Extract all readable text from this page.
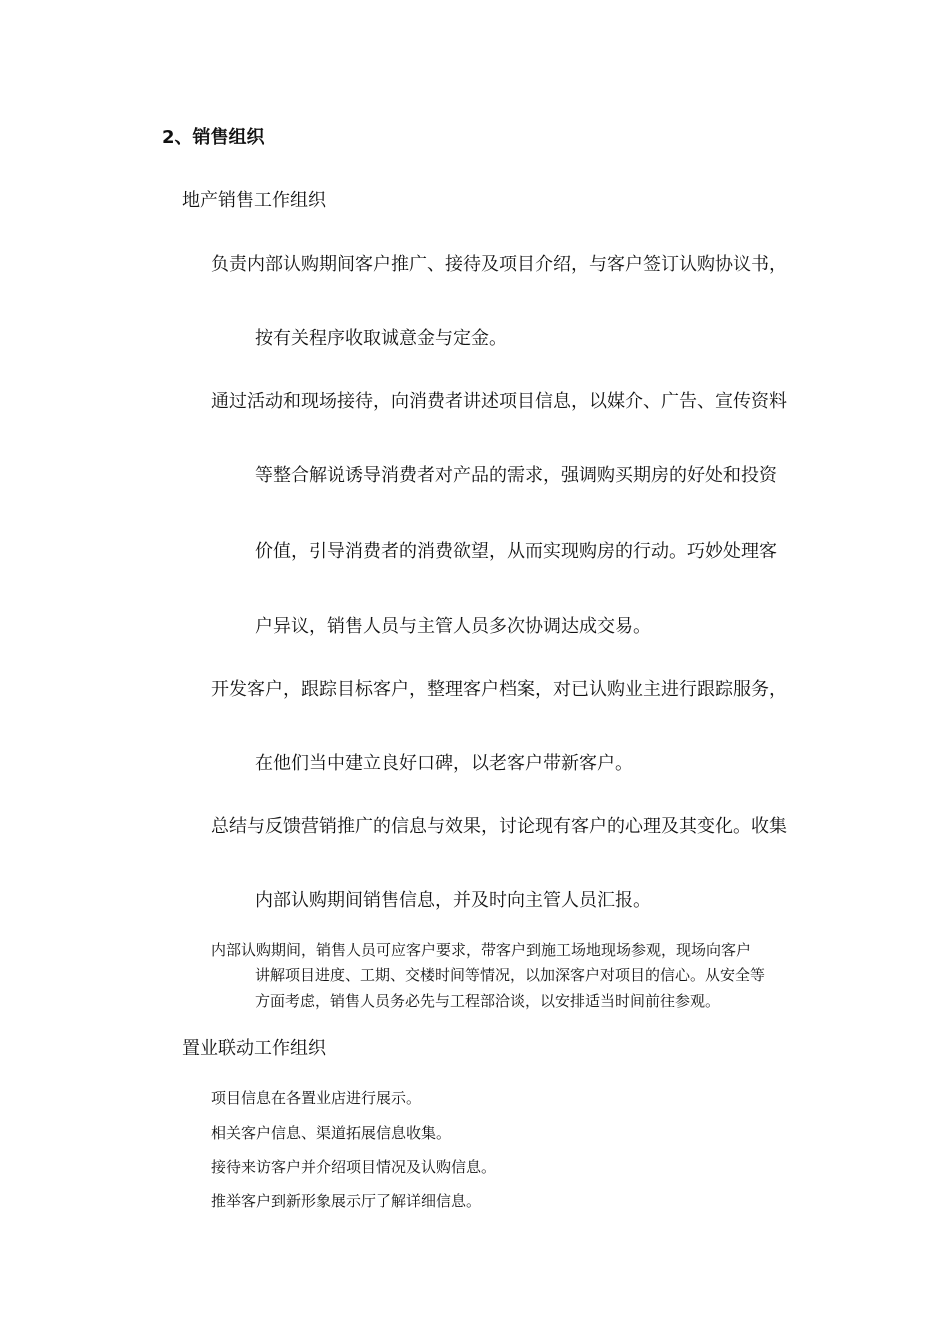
2、销售组织
地产销售工作组织
负责内部认购期间客户推广、接待及项目介绍，与客户签订认购协议书，
按有关程序收取诚意金与定金。
通过活动和现场接待，向消费者讲述项目信息，以媒介、广告、宣传资料
等整合解说诱导消费者对产品的需求，强调购买期房的好处和投资
价值，引导消费者的消费欲望，从而实现购房的行动。巧妙处理客
户异议，销售人员与主管人员多次协调达成交易。
开发客户，跟踪目标客户，整理客户档案，对已认购业主进行跟踪服务，
在他们当中建立良好口碑，以老客户带新客户。
总结与反馈营销推广的信息与效果，讨论现有客户的心理及其变化。收集
内部认购期间销售信息，并及时向主管人员汇报。
内部认购期间，销售人员可应客户要求，带客户到施工场地现场参观，现场向客户
讲解项目进度、工期、交楼时间等情况，以加深客户对项目的信心。从安全等
方面考虑，销售人员务必先与工程部洽谈，以安排适当时间前往参观。
置业联动工作组织
项目信息在各置业店进行展示。
相关客户信息、渠道拓展信息收集。
接待来访客户并介绍项目情况及认购信息。
推举客户到新形象展示厅了解详细信息。
